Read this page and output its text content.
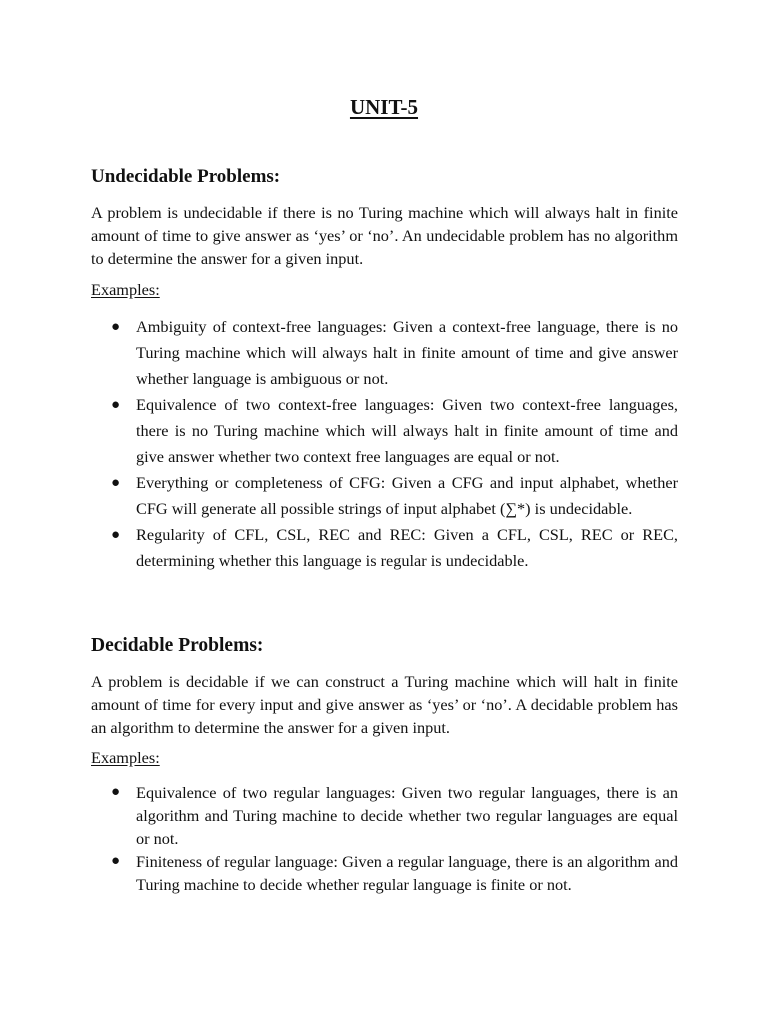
UNIT-5
Undecidable Problems:

A problem is undecidable if there is no Turing machine which will always halt in finite amount of time to give answer as ‘yes’ or ‘no’. An undecidable problem has no algorithm to determine the answer for a given input.

Examples:

● Ambiguity of context-free languages: Given a context-free language, there is no Turing machine which will always halt in finite amount of time and give answer whether language is ambiguous or not.
● Equivalence of two context-free languages: Given two context-free languages, there is no Turing machine which will always halt in finite amount of time and give answer whether two context free languages are equal or not.
● Everything or completeness of CFG: Given a CFG and input alphabet, whether CFG will generate all possible strings of input alphabet (∑*) is undecidable.
● Regularity of CFL, CSL, REC and REC: Given a CFL, CSL, REC or REC, determining whether this language is regular is undecidable.
Decidable Problems:

A problem is decidable if we can construct a Turing machine which will halt in finite amount of time for every input and give answer as ‘yes’ or ‘no’. A decidable problem has an algorithm to determine the answer for a given input.

Examples:

● Equivalence of two regular languages: Given two regular languages, there is an algorithm and Turing machine to decide whether two regular languages are equal or not.
● Finiteness of regular language: Given a regular language, there is an algorithm and Turing machine to decide whether regular language is finite or not.
